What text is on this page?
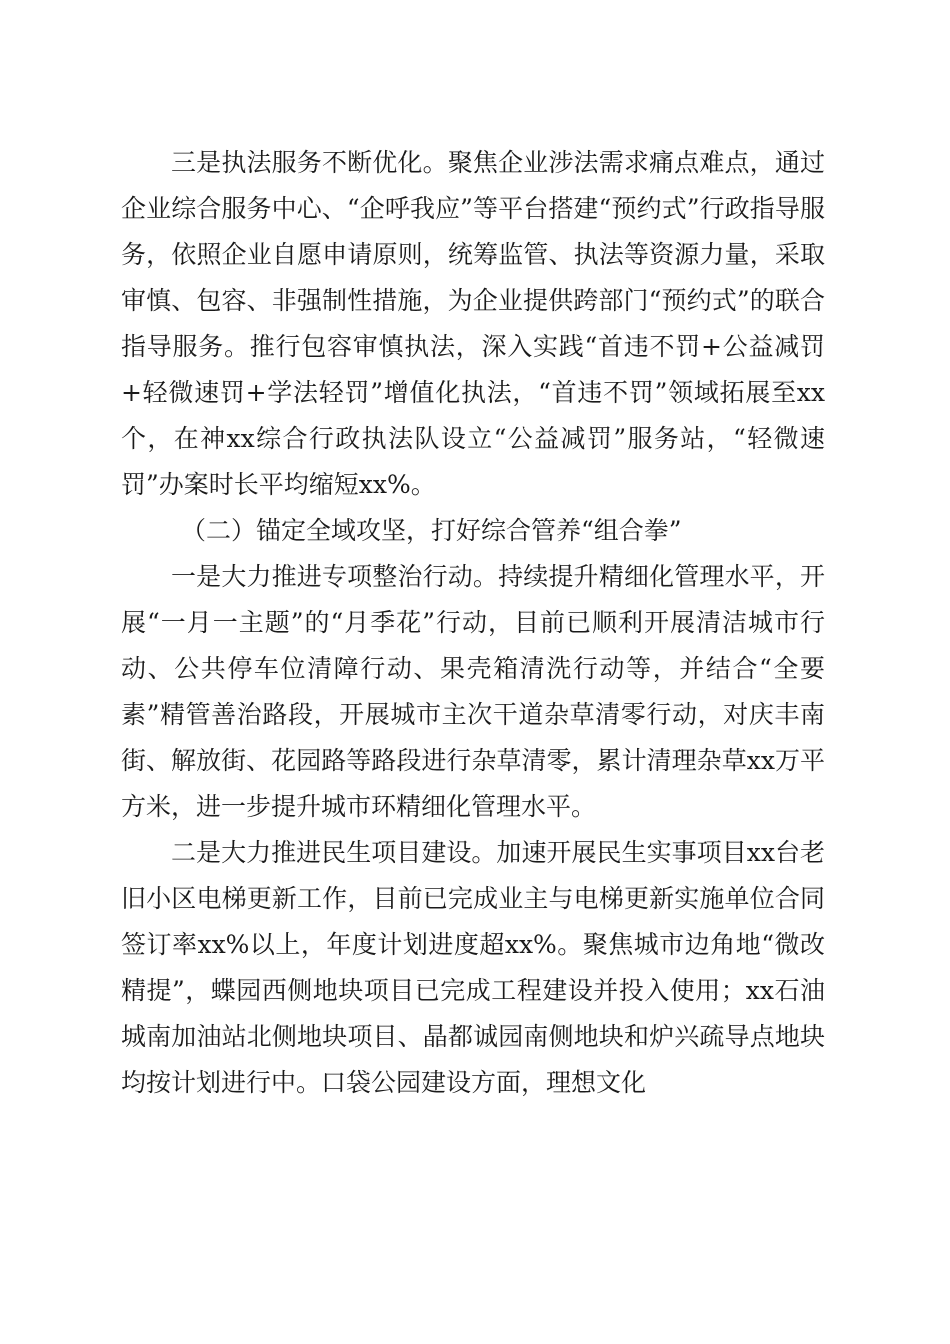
三是执法服务不断优化。聚焦企业涉法需求痛点难点，通过企业综合服务中心、“企呼我应”等平台搭建“预约式”行政指导服务，依照企业自愿申请原则，统筹监管、执法等资源力量，采取审慎、包容、非强制性措施，为企业提供跨部门“预约式”的联合指导服务。推行包容审慎执法，深入实践“首违不罚+公益减罚+轻微速罚+学法轻罚”增值化执法，“首违不罚”领域拓展至xx个，在神xx综合行政执法队设立“公益减罚”服务站，“轻微速罚”办案时长平均缩短xx%。

（二）锚定全域攻坚，打好综合管养“组合拳”

一是大力推进专项整治行动。持续提升精细化管理水平，开展“一月一主题”的“月季花”行动，目前已顺利开展清洁城市行动、公共停车位清障行动、果壳箱清洗行动等，并结合“全要素”精管善治路段，开展城市主次干道杂草清零行动，对庆丰南街、解放街、花园路等路段进行杂草清零，累计清理杂草xx万平方米，进一步提升城市环精细化管理水平。

二是大力推进民生项目建设。加速开展民生实事项目xx台老旧小区电梯更新工作，目前已完成业主与电梯更新实施单位合同签订率xx%以上，年度计划进度超xx%。聚焦城市边角地“微改精提”，蝶园西侧地块项目已完成工程建设并投入使用；xx石油城南加油站北侧地块项目、晶都诚园南侧地块和炉兴疏导点地块均按计划进行中。口袋公园建设方面，理想文化
